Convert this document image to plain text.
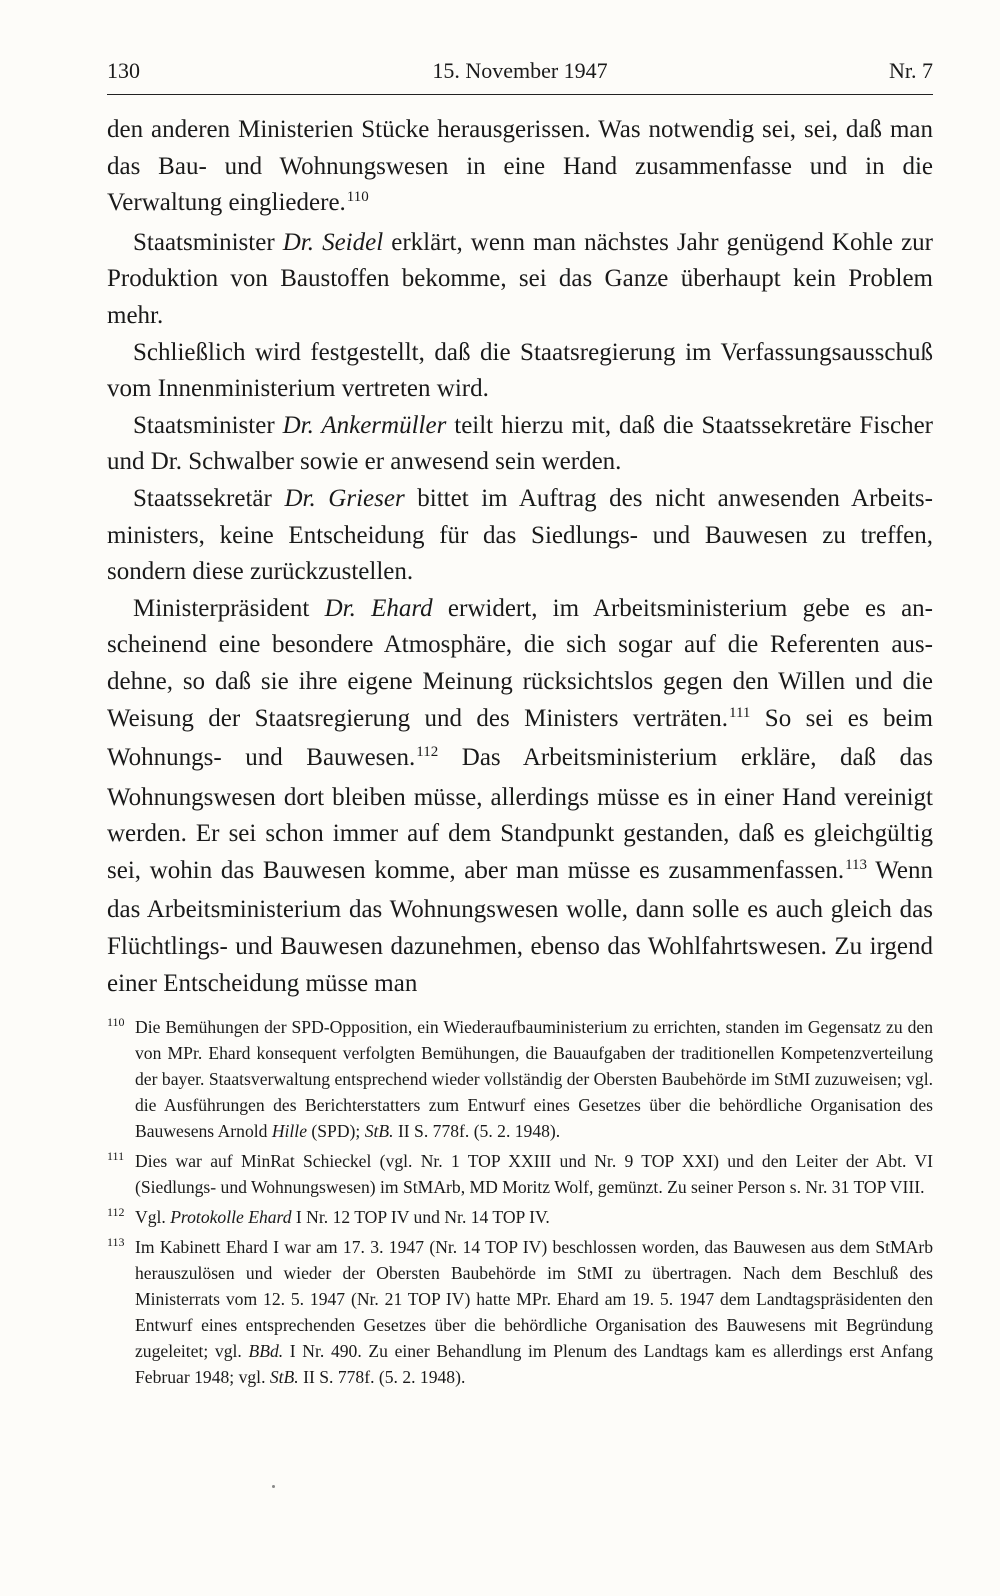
130	15. November 1947	Nr. 7

den anderen Ministerien Stücke herausgerissen. Was notwendig sei, sei, daß man das Bau- und Wohnungswesen in eine Hand zusammenfasse und in die Verwaltung eingliedere.$^{110}$

Staatsminister Dr. Seidel erklärt, wenn man nächstes Jahr genügend Kohle zur Produktion von Baustoffen bekomme, sei das Ganze überhaupt kein Problem mehr.

Schließlich wird festgestellt, daß die Staatsregierung im Verfassungsausschuß vom Innenministerium vertreten wird.

Staatsminister Dr. Ankermüller teilt hierzu mit, daß die Staatssekretäre Fischer und Dr. Schwalber sowie er anwesend sein werden.

Staatssekretär Dr. Grieser bittet im Auftrag des nicht anwesenden Arbeitsministers, keine Entscheidung für das Siedlungs- und Bauwesen zu treffen, sondern diese zurückzustellen.

Ministerpräsident Dr. Ehard erwidert, im Arbeitsministerium gebe es anscheinend eine besondere Atmosphäre, die sich sogar auf die Referenten ausdehne, so daß sie ihre eigene Meinung rücksichtslos gegen den Willen und die Weisung der Staatsregierung und des Ministers verträten.$^{111}$ So sei es beim Wohnungs- und Bauwesen.$^{112}$ Das Arbeitsministerium erkläre, daß das Wohnungswesen dort bleiben müsse, allerdings müsse es in einer Hand vereinigt werden. Er sei schon immer auf dem Standpunkt gestanden, daß es gleichgültig sei, wohin das Bauwesen komme, aber man müsse es zusammenfassen.$^{113}$ Wenn das Arbeitsministerium das Wohnungswesen wolle, dann solle es auch gleich das Flüchtlings- und Bauwesen dazunehmen, ebenso das Wohlfahrtswesen. Zu irgend einer Entscheidung müsse man

110 Die Bemühungen der SPD-Opposition, ein Wiederaufbauministerium zu errichten, standen im Gegensatz zu den von MPr. Ehard konsequent verfolgten Bemühungen, die Bauaufgaben der traditionellen Kompetenzverteilung der bayer. Staatsverwaltung entsprechend wieder vollständig der Obersten Baubehörde im StMI zuzuweisen; vgl. die Ausführungen des Berichterstatters zum Entwurf eines Gesetzes über die behördliche Organisation des Bauwesens Arnold Hille (SPD); StB. II S. 778f. (5. 2. 1948).
111 Dies war auf MinRat Schieckel (vgl. Nr. 1 TOP XXIII und Nr. 9 TOP XXI) und den Leiter der Abt. VI (Siedlungs- und Wohnungswesen) im StMArb, MD Moritz Wolf, gemünzt. Zu seiner Person s. Nr. 31 TOP VIII.
112 Vgl. Protokolle Ehard I Nr. 12 TOP IV und Nr. 14 TOP IV.
113 Im Kabinett Ehard I war am 17. 3. 1947 (Nr. 14 TOP IV) beschlossen worden, das Bauwesen aus dem StMArb herauszulösen und wieder der Obersten Baubehörde im StMI zu übertragen. Nach dem Beschluß des Ministerrats vom 12. 5. 1947 (Nr. 21 TOP IV) hatte MPr. Ehard am 19. 5. 1947 dem Landtagspräsidenten den Entwurf eines entsprechenden Gesetzes über die behördliche Organisation des Bauwesens mit Begründung zugeleitet; vgl. BBd. I Nr. 490. Zu einer Behandlung im Plenum des Landtags kam es allerdings erst Anfang Februar 1948; vgl. StB. II S. 778f. (5. 2. 1948).
